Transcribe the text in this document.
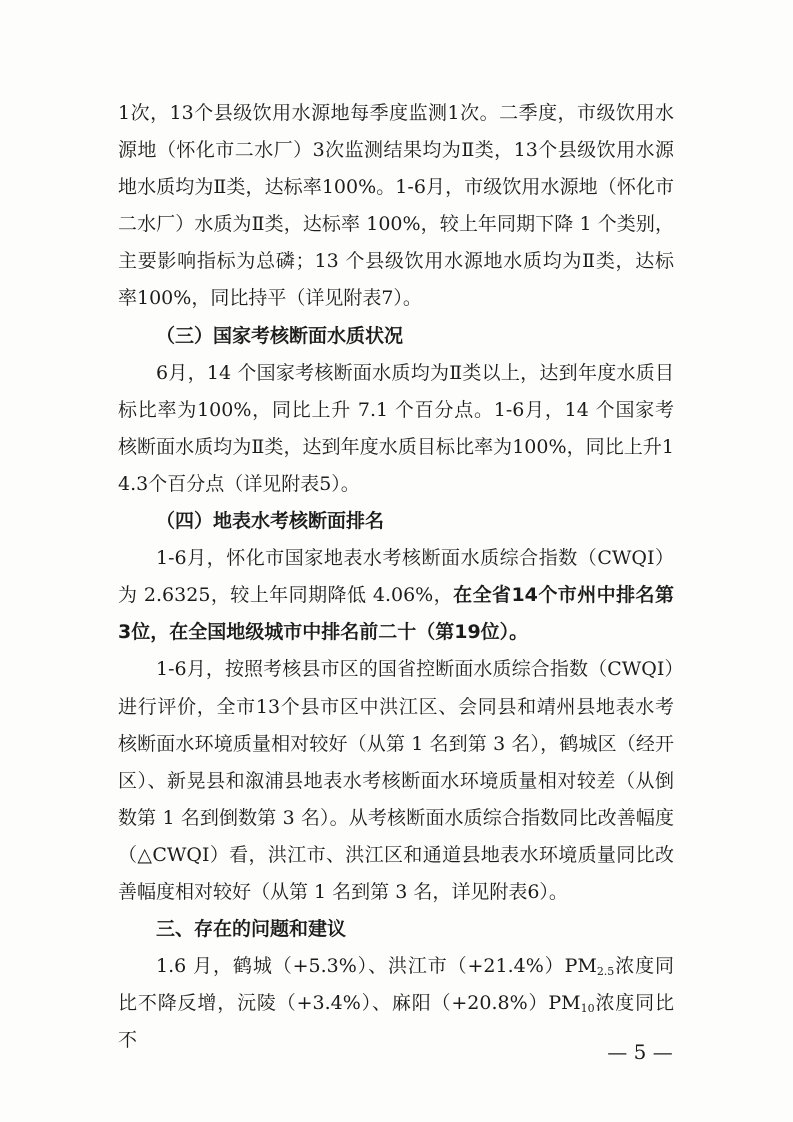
1次，13个县级饮用水源地每季度监测1次。二季度，市级饮用水源地（怀化市二水厂）3次监测结果均为Ⅱ类，13个县级饮用水源地水质均为Ⅱ类，达标率100%。1-6月，市级饮用水源地（怀化市二水厂）水质为Ⅱ类，达标率 100%，较上年同期下降 1 个类别，主要影响指标为总磷；13 个县级饮用水源地水质均为Ⅱ类，达标率100%，同比持平（详见附表7）。

（三）国家考核断面水质状况

6月，14 个国家考核断面水质均为Ⅱ类以上，达到年度水质目标比率为100%，同比上升 7.1 个百分点。1-6月，14 个国家考核断面水质均为Ⅱ类，达到年度水质目标比率为100%，同比上升14.3个百分点（详见附表5）。

（四）地表水考核断面排名

1-6月，怀化市国家地表水考核断面水质综合指数（CWQI）为 2.6325，较上年同期降低 4.06%，在全省14个市州中排名第3位，在全国地级城市中排名前二十（第19位）。

1-6月，按照考核县市区的国省控断面水质综合指数（CWQI）进行评价，全市13个县市区中洪江区、会同县和靖州县地表水考核断面水环境质量相对较好（从第 1 名到第 3 名），鹤城区（经开区）、新晃县和溆浦县地表水考核断面水环境质量相对较差（从倒数第 1 名到倒数第 3 名）。从考核断面水质综合指数同比改善幅度（△CWQI）看，洪江市、洪江区和通道县地表水环境质量同比改善幅度相对较好（从第 1 名到第 3 名，详见附表6）。

三、存在的问题和建议

1.6 月，鹤城（+5.3%）、洪江市$(+21.4\%)PM_{2.5}$浓度同比不降反增，沅陵（+3.4%）、麻阳$(+20.8\%)PM_{10}$浓度同比不	— 5 —
